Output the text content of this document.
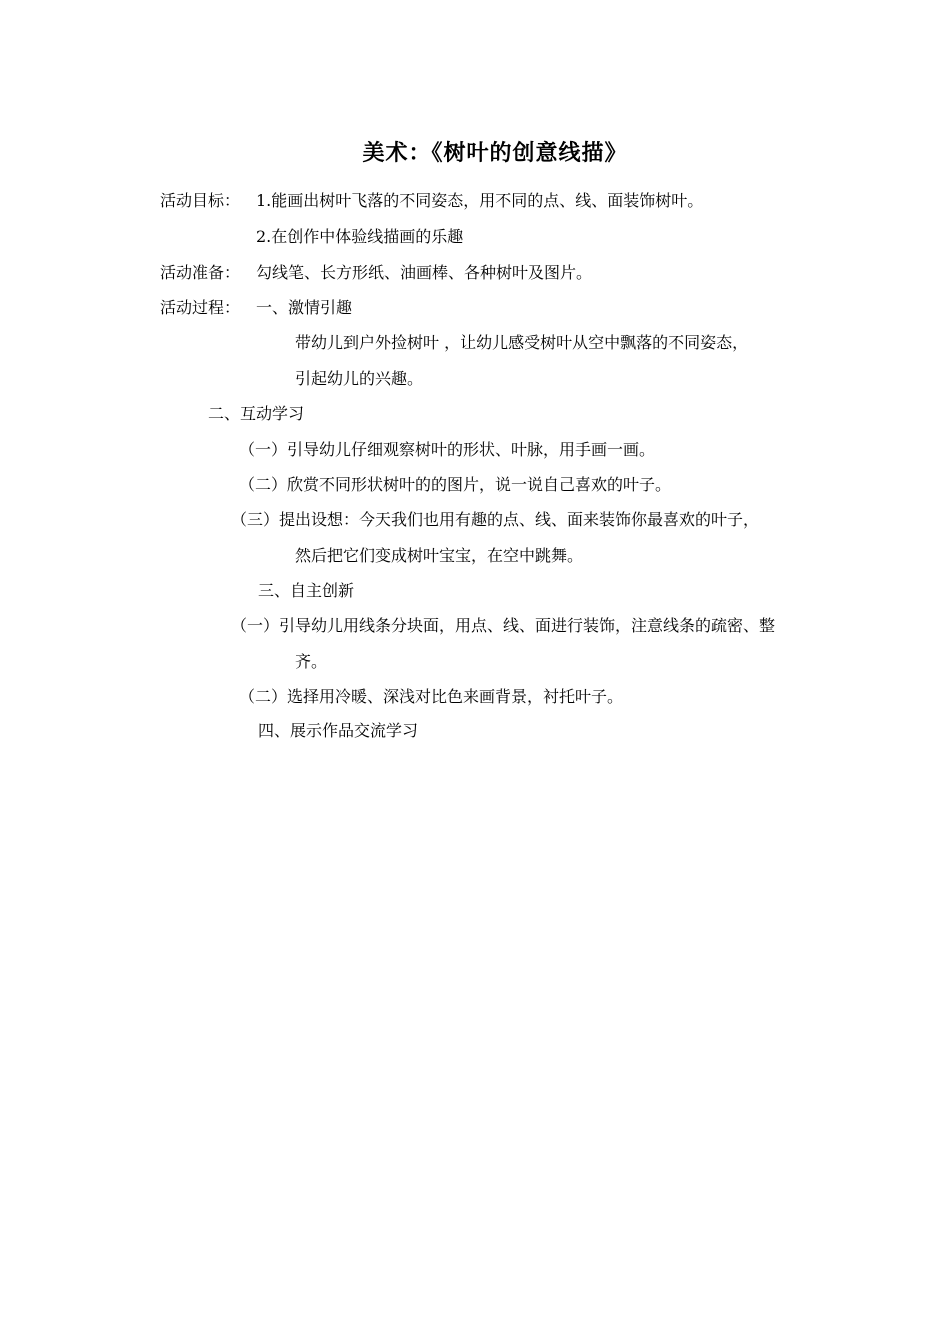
美术：《树叶的创意线描》
活动目标： 1.能画出树叶飞落的不同姿态，用不同的点、线、面装饰树叶。
2.在创作中体验线描画的乐趣
活动准备： 勾线笔、长方形纸、油画棒、各种树叶及图片。
活动过程： 一、激情引趣
带幼儿到户外捡树叶 ，让幼儿感受树叶从空中飘落的不同姿态，
引起幼儿的兴趣。
二、互动学习
（一）引导幼儿仔细观察树叶的形状、叶脉，用手画一画。
（二）欣赏不同形状树叶的的图片，说一说自己喜欢的叶子。
（三）提出设想：今天我们也用有趣的点、线、面来装饰你最喜欢的叶子，
然后把它们变成树叶宝宝，在空中跳舞。
三、自主创新
（一）引导幼儿用线条分块面，用点、线、面进行装饰，注意线条的疏密、整
齐。
（二）选择用冷暖、深浅对比色来画背景，衬托叶子。
四、展示作品交流学习
